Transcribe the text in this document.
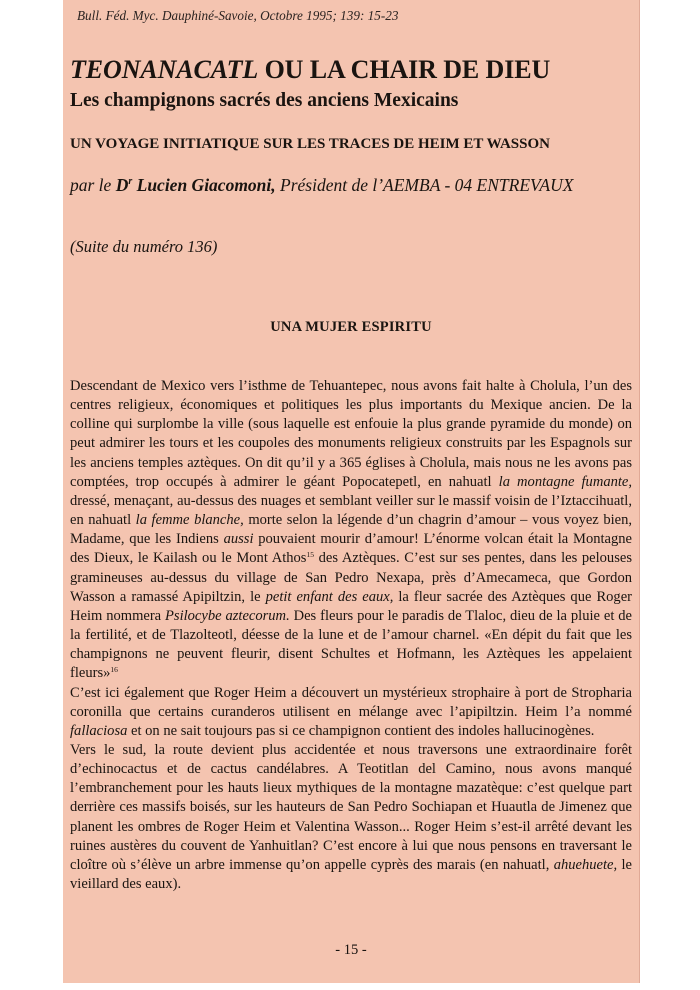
Bull. Féd. Myc. Dauphiné-Savoie, Octobre 1995; 139: 15-23
TEONANACATL OU LA CHAIR DE DIEU
Les champignons sacrés des anciens Mexicains
UN VOYAGE INITIATIQUE SUR LES TRACES DE HEIM ET WASSON
par le $D^r$ Lucien Giacomoni, Président de l’AEMBA - 04 ENTREVAUX
(Suite du numéro 136)
UNA MUJER ESPIRITU

Descendant de Mexico vers l’isthme de Tehuantepec, nous avons fait halte à Cholula, l’un des centres religieux, économiques et politiques les plus importants du Mexique ancien. De la colline qui surplombe la ville (sous laquelle est enfouie la plus grande pyramide du monde) on peut admirer les tours et les coupoles des monuments religieux construits par les Espagnols sur les anciens temples aztèques. On dit qu’il y a 365 églises à Cholula, mais nous ne les avons pas comptées, trop occupés à admirer le géant Popocatepetl, en nahuatl la montagne fumante, dressé, menaçant, au-dessus des nuages et semblant veiller sur le massif voisin de l’Iztaccihuatl, en nahuatl la femme blanche, morte selon la légende d’un chagrin d’amour – vous voyez bien, Madame, que les Indiens aussi pouvaient mourir d’amour! L’énorme volcan était la Montagne des Dieux, le Kailash ou le Mont Athos$^{15}$ des Aztèques. C’est sur ses pentes, dans les pelouses gramineuses au-dessus du village de San Pedro Nexapa, près d’Amecameca, que Gordon Wasson a ramassé Apipiltzin, le petit enfant des eaux, la fleur sacrée des Aztèques que Roger Heim nommera Psilocybe aztecorum. Des fleurs pour le paradis de Tlaloc, dieu de la pluie et de la fertilité, et de Tlazolteotl, déesse de la lune et de l’amour charnel. «En dépit du fait que les champignons ne peuvent fleurir, disent Schultes et Hofmann, les Aztèques les appelaient fleurs»$^{16}$

C’est ici également que Roger Heim a découvert un mystérieux strophaire à port de Stropharia coronilla que certains curanderos utilisent en mélange avec l’apipiltzin. Heim l’a nommé fallaciosa et on ne sait toujours pas si ce champignon contient des indoles hallucinogènes.

Vers le sud, la route devient plus accidentée et nous traversons une extraordinaire forêt d’echinocactus et de cactus candélabres. A Teotitlan del Camino, nous avons manqué l’embranchement pour les hauts lieux mythiques de la montagne mazatèque: c’est quelque part derrière ces massifs boisés, sur les hauteurs de San Pedro Sochiapan et Huautla de Jimenez que planent les ombres de Roger Heim et Valentina Wasson... Roger Heim s’est-il arrêté devant les ruines austères du couvent de Yanhuitlan? C’est encore à lui que nous pensons en traversant le cloître où s’élève un arbre immense qu’on appelle cyprès des marais (en nahuatl, ahuehuete, le vieillard des eaux).

- 15 -
